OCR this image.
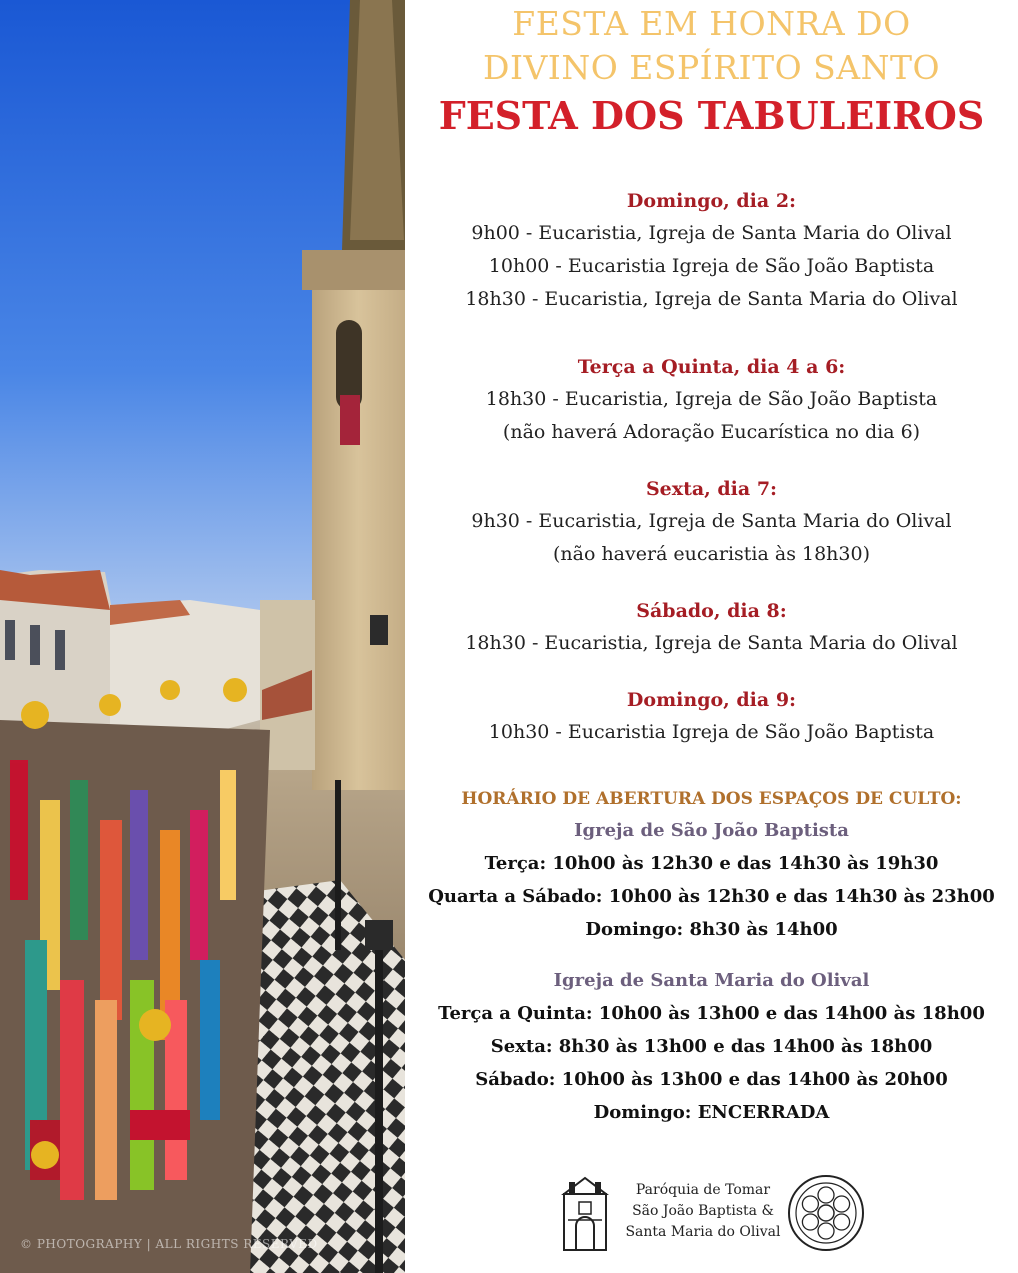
© PHOTOGRAPHY | ALL RIGHTS RESERVED
FESTA EM HONRA DO
DIVINO ESPÍRITO SANTO
FESTA DOS TABULEIROS
Domingo, dia 2:
9h00 - Eucaristia, Igreja de Santa Maria do Olival
10h00 - Eucaristia Igreja de São João Baptista
18h30 - Eucaristia, Igreja de Santa Maria do Olival
Terça a Quinta, dia 4 a 6:
18h30 - Eucaristia, Igreja de São João Baptista
(não haverá Adoração Eucarística no dia 6)
Sexta, dia 7:
9h30 - Eucaristia, Igreja de Santa Maria do Olival
(não haverá eucaristia às 18h30)
Sábado, dia 8:
18h30 - Eucaristia, Igreja de Santa Maria do Olival
Domingo, dia 9:
10h30 - Eucaristia Igreja de São João Baptista
HORÁRIO DE ABERTURA DOS ESPAÇOS DE CULTO:
Igreja de São João Baptista
Terça: 10h00 às 12h30 e das 14h30 às 19h30
Quarta a Sábado: 10h00 às 12h30 e das 14h30 às 23h00
Domingo: 8h30 às 14h00
Igreja de Santa Maria do Olival
Terça a Quinta: 10h00 às 13h00 e das 14h00 às 18h00
Sexta: 8h30 às 13h00 e das 14h00 às 18h00
Sábado: 10h00 às 13h00 e das 14h00 às 20h00
Domingo: ENCERRADA
Paróquia de Tomar
São João Baptista &
Santa Maria do Olival
